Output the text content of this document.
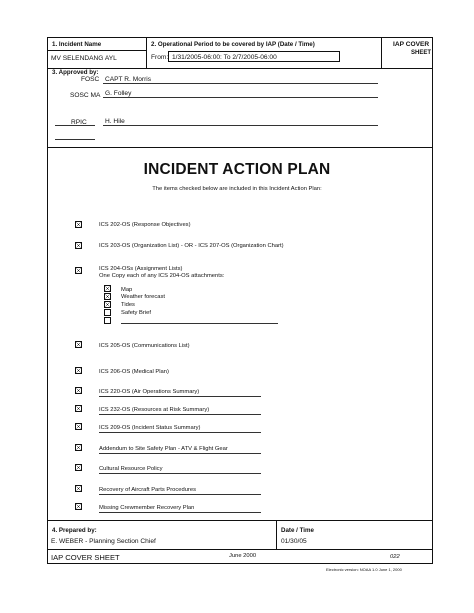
1. Incident Name
MV SELENDANG AYL
2. Operational Period to be covered by IAP (Date / Time)
From: 1/31/2005-06:00: To 2/7/2005-06:00
IAP COVER
SHEET
3. Approved by:
FOSC CAPT R. Morris
SOSC MA G. Folley
RPIC	H. Hile
INCIDENT ACTION PLAN
The items checked below are included in this Incident Action Plan:
ICS 202-OS (Response Objectives)
ICS 203-OS (Organization List) - OR - ICS 207-OS (Organization Chart)
ICS 204-OSs (Assignment Lists)
One Copy each of any ICS 204-OS attachments:
Map
Weather forecast
Tides
Safety Brief
ICS 205-OS (Communications List)
ICS 206-OS (Medical Plan)
ICS 220-OS (Air Operations Summary)
ICS 232-OS (Resources at Risk Summary)
ICS 209-OS (Incident Status Summary)
Addendum to Site Safety Plan - ATV & Flight Gear
Cultural Resource Policy
Recovery of Aircraft Parts Procedures
Missing Crewmember Recovery Plan
4. Prepared by:
E. WEBER - Planning Section Chief
Date / Time
01/30/05
IAP COVER SHEET	June 2000	022
Electronic version: NOAA 1.0 June 1, 2000
